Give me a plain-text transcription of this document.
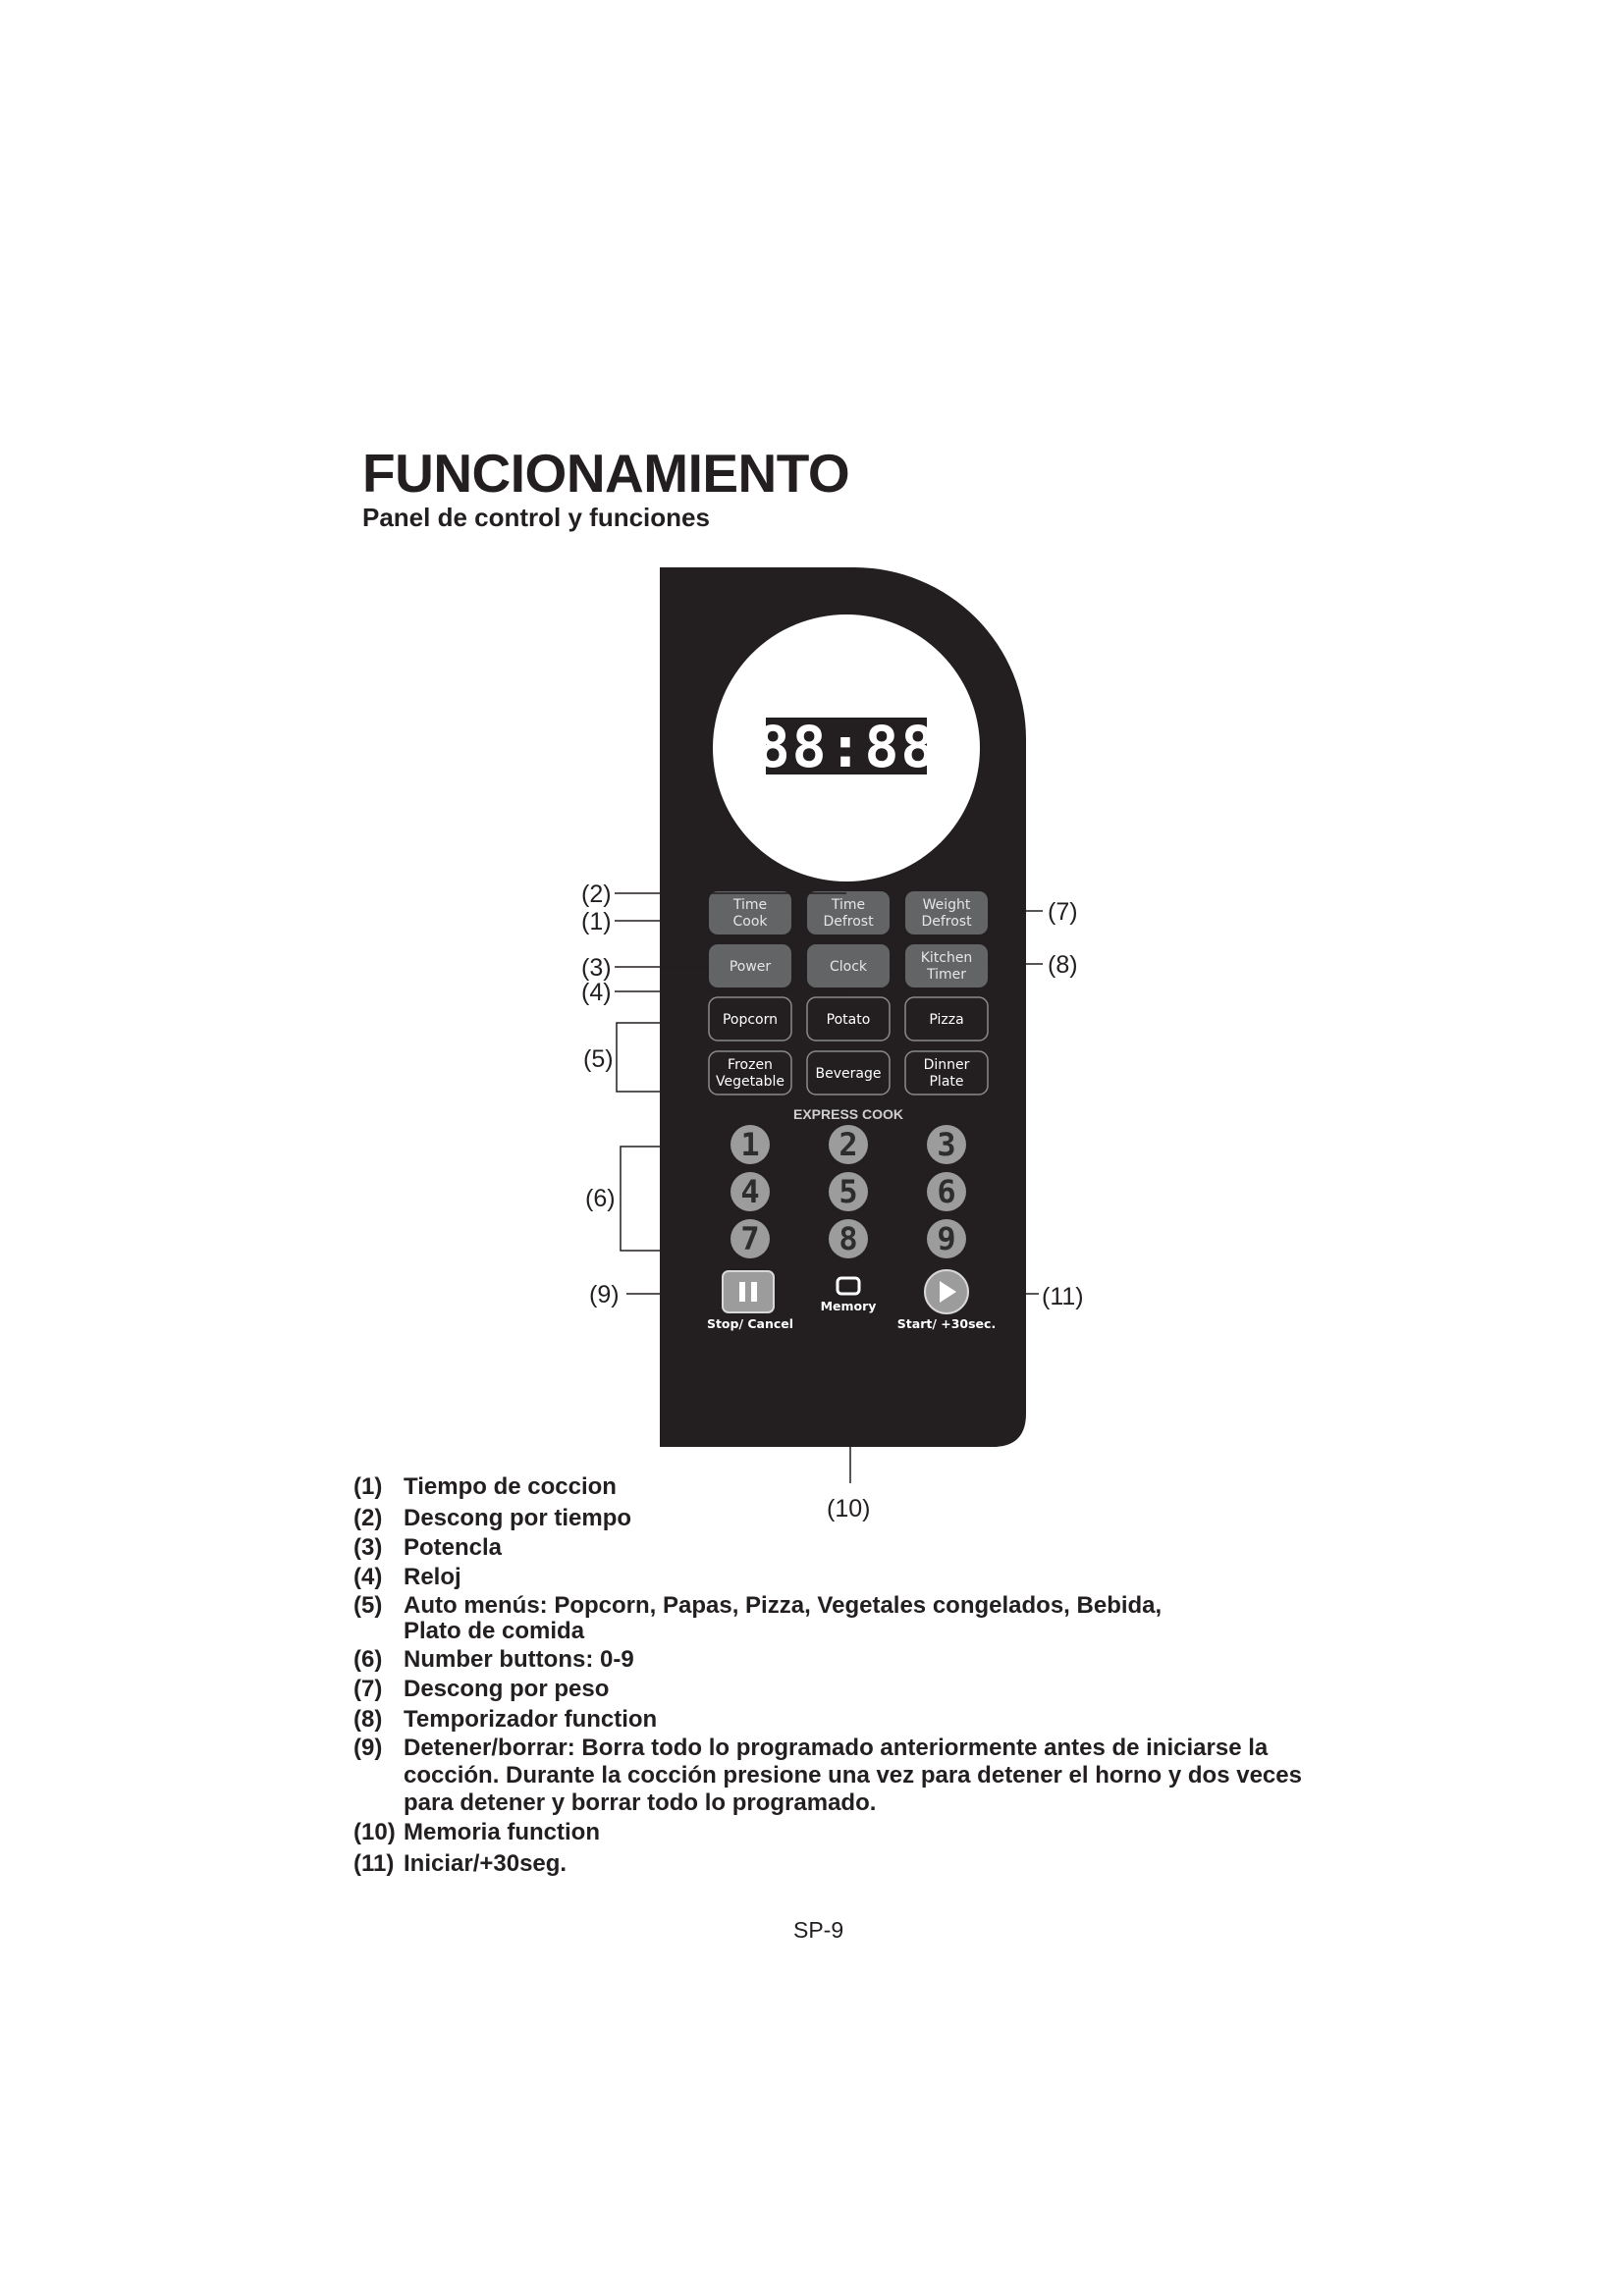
FUNCIONAMIENTO
Panel de control y funciones
88:88
Time
Cook
Time
Defrost
Weight
Defrost
Power	Clock
Kitchen
Timer
Popcorn	Potato	Pizza
Frozen
Vegetable Beverage
Dinner
Plate
EXPRESS COOK
1	2	3
4	5	6
7	8	9
Stop/ Cancel
Memory
Start/ +30sec.
(1)
(2)
(3)
(4)
(5)
(6)
(7)
(8)
(9)
(10)
(11)
(1) Tiempo de coccion
(2) Descong por tiempo
(3) Potencla
(4) Reloj
(5) Auto menús: Popcorn, Papas, Pizza, Vegetales congelados, Bebida,
Plato de comida
(6) Number buttons: 0-9
(7) Descong por peso
(8) Temporizador function
(9) Detener/borrar: Borra todo lo programado anteriormente antes de iniciarse la
cocción. Durante la cocción presione una vez para detener el horno y dos veces
para detener y borrar todo lo programado.
(10) Memoria function
(11) Iniciar/+30seg.
SP-9
